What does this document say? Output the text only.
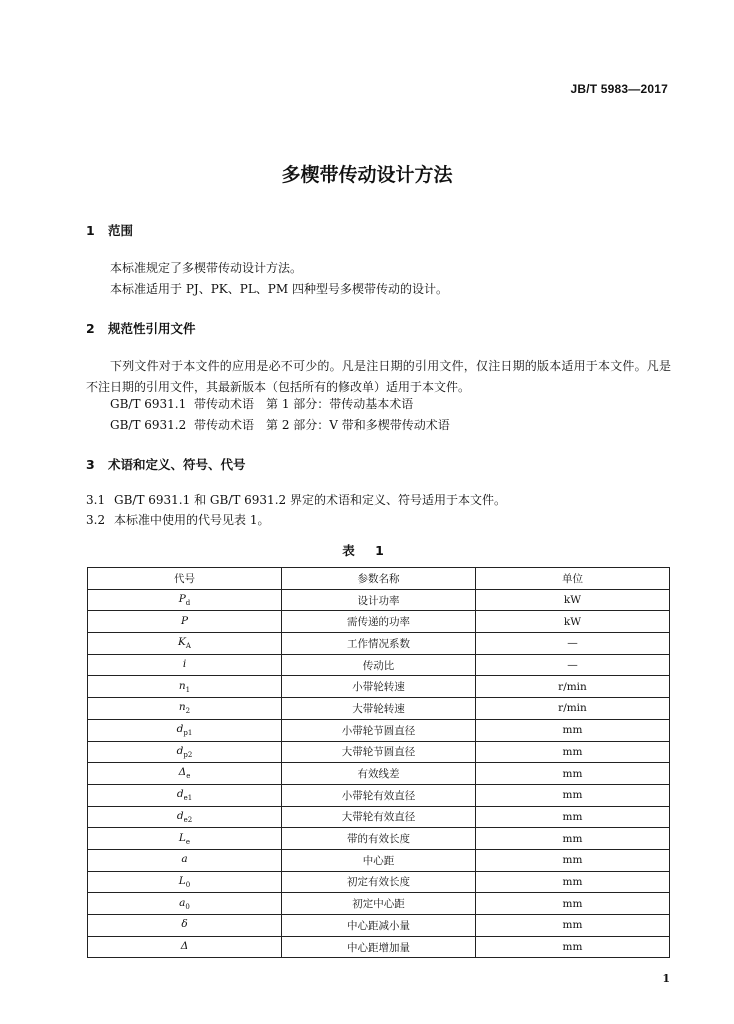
JB/T 5983—2017
多楔带传动设计方法
1 范围
本标准规定了多楔带传动设计方法。
本标准适用于 PJ、PK、PL、PM 四种型号多楔带传动的设计。
2 规范性引用文件
下列文件对于本文件的应用是必不可少的。凡是注日期的引用文件，仅注日期的版本适用于本文件。凡是不注日期的引用文件，其最新版本（包括所有的修改单）适用于本文件。
GB/T 6931.1 带传动术语　第 1 部分：带传动基本术语
GB/T 6931.2 带传动术语　第 2 部分：V 带和多楔带传动术语
3 术语和定义、符号、代号
3.1 GB/T 6931.1 和 GB/T 6931.2 界定的术语和定义、符号适用于本文件。
3.2 本标准中使用的代号见表 1。
表 1
代号	参数名称	单位
$P_d$	设计功率	kW
P	需传递的功率	kW
$K_A$	工作情况系数	—
i	传动比	—
$n_1$	小带轮转速	r/min
$n_2$	大带轮转速	r/min
$d_{p1}$	小带轮节圆直径	mm
$d_{p2}$	大带轮节圆直径	mm
$\Delta_e$	有效线差	mm
$d_{e1}$	小带轮有效直径	mm
$d_{e2}$	大带轮有效直径	mm
$L_e$	带的有效长度	mm
a	中心距	mm
$L_0$	初定有效长度	mm
$a_0$	初定中心距	mm
δ	中心距减小量	mm
Δ	中心距增加量	mm
1
